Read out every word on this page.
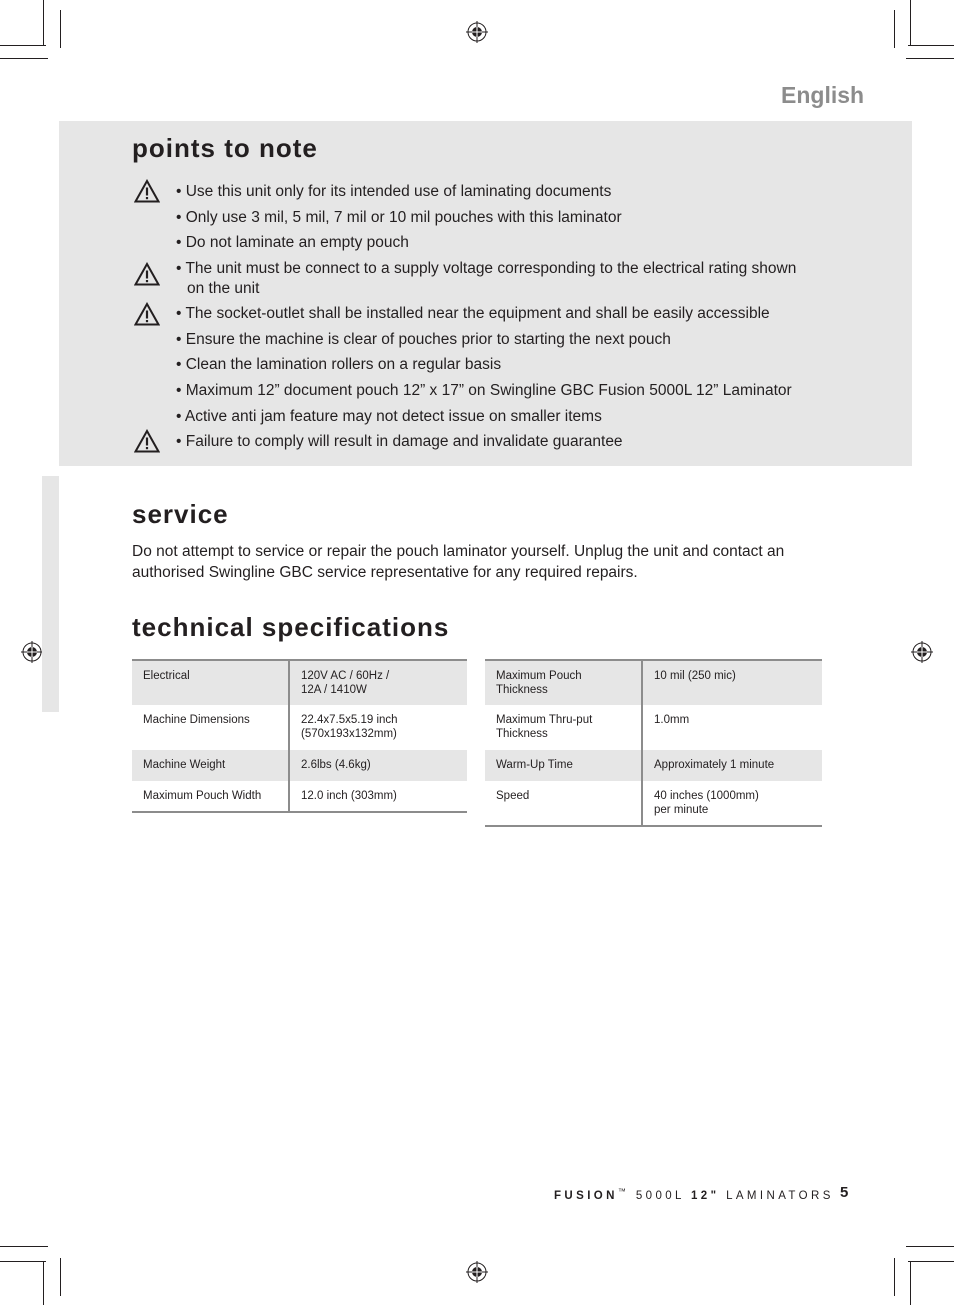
English
points to note
• Use this unit only for its intended use of laminating documents
• Only use 3 mil, 5 mil, 7 mil or 10 mil pouches with this laminator
• Do not laminate an empty pouch
• The unit must be connect to a supply voltage corresponding to the electrical rating shown
on the unit
• The socket-outlet shall be installed near the equipment and shall be easily accessible
• Ensure the machine is clear of pouches prior to starting the next pouch
• Clean the lamination rollers on a regular basis
• Maximum 12” document pouch 12” x 17” on Swingline GBC Fusion 5000L 12” Laminator
• Active anti jam feature may not detect issue on smaller items
• Failure to comply will result in damage and invalidate guarantee
service
Do not attempt to service or repair the pouch laminator yourself. Unplug the unit and contact an authorised Swingline GBC service representative for any required repairs.
technical specifications
Electrical	120V AC / 60Hz /
12A / 1410W

Machine Dimensions	22.4x7.5x5.19 inch
(570x193x132mm)

Machine Weight	2.6lbs (4.6kg)
Maximum Pouch Width	12.0 inch (303mm)
Maximum Pouch
Thickness	10 mil (250 mic)

Maximum Thru-put
Thickness	1.0mm
Warm-Up Time	Approximately 1 minute
Speed	40 inches (1000mm)
per minute
FUSION™ 5000L 12" LAMINATORS 5
